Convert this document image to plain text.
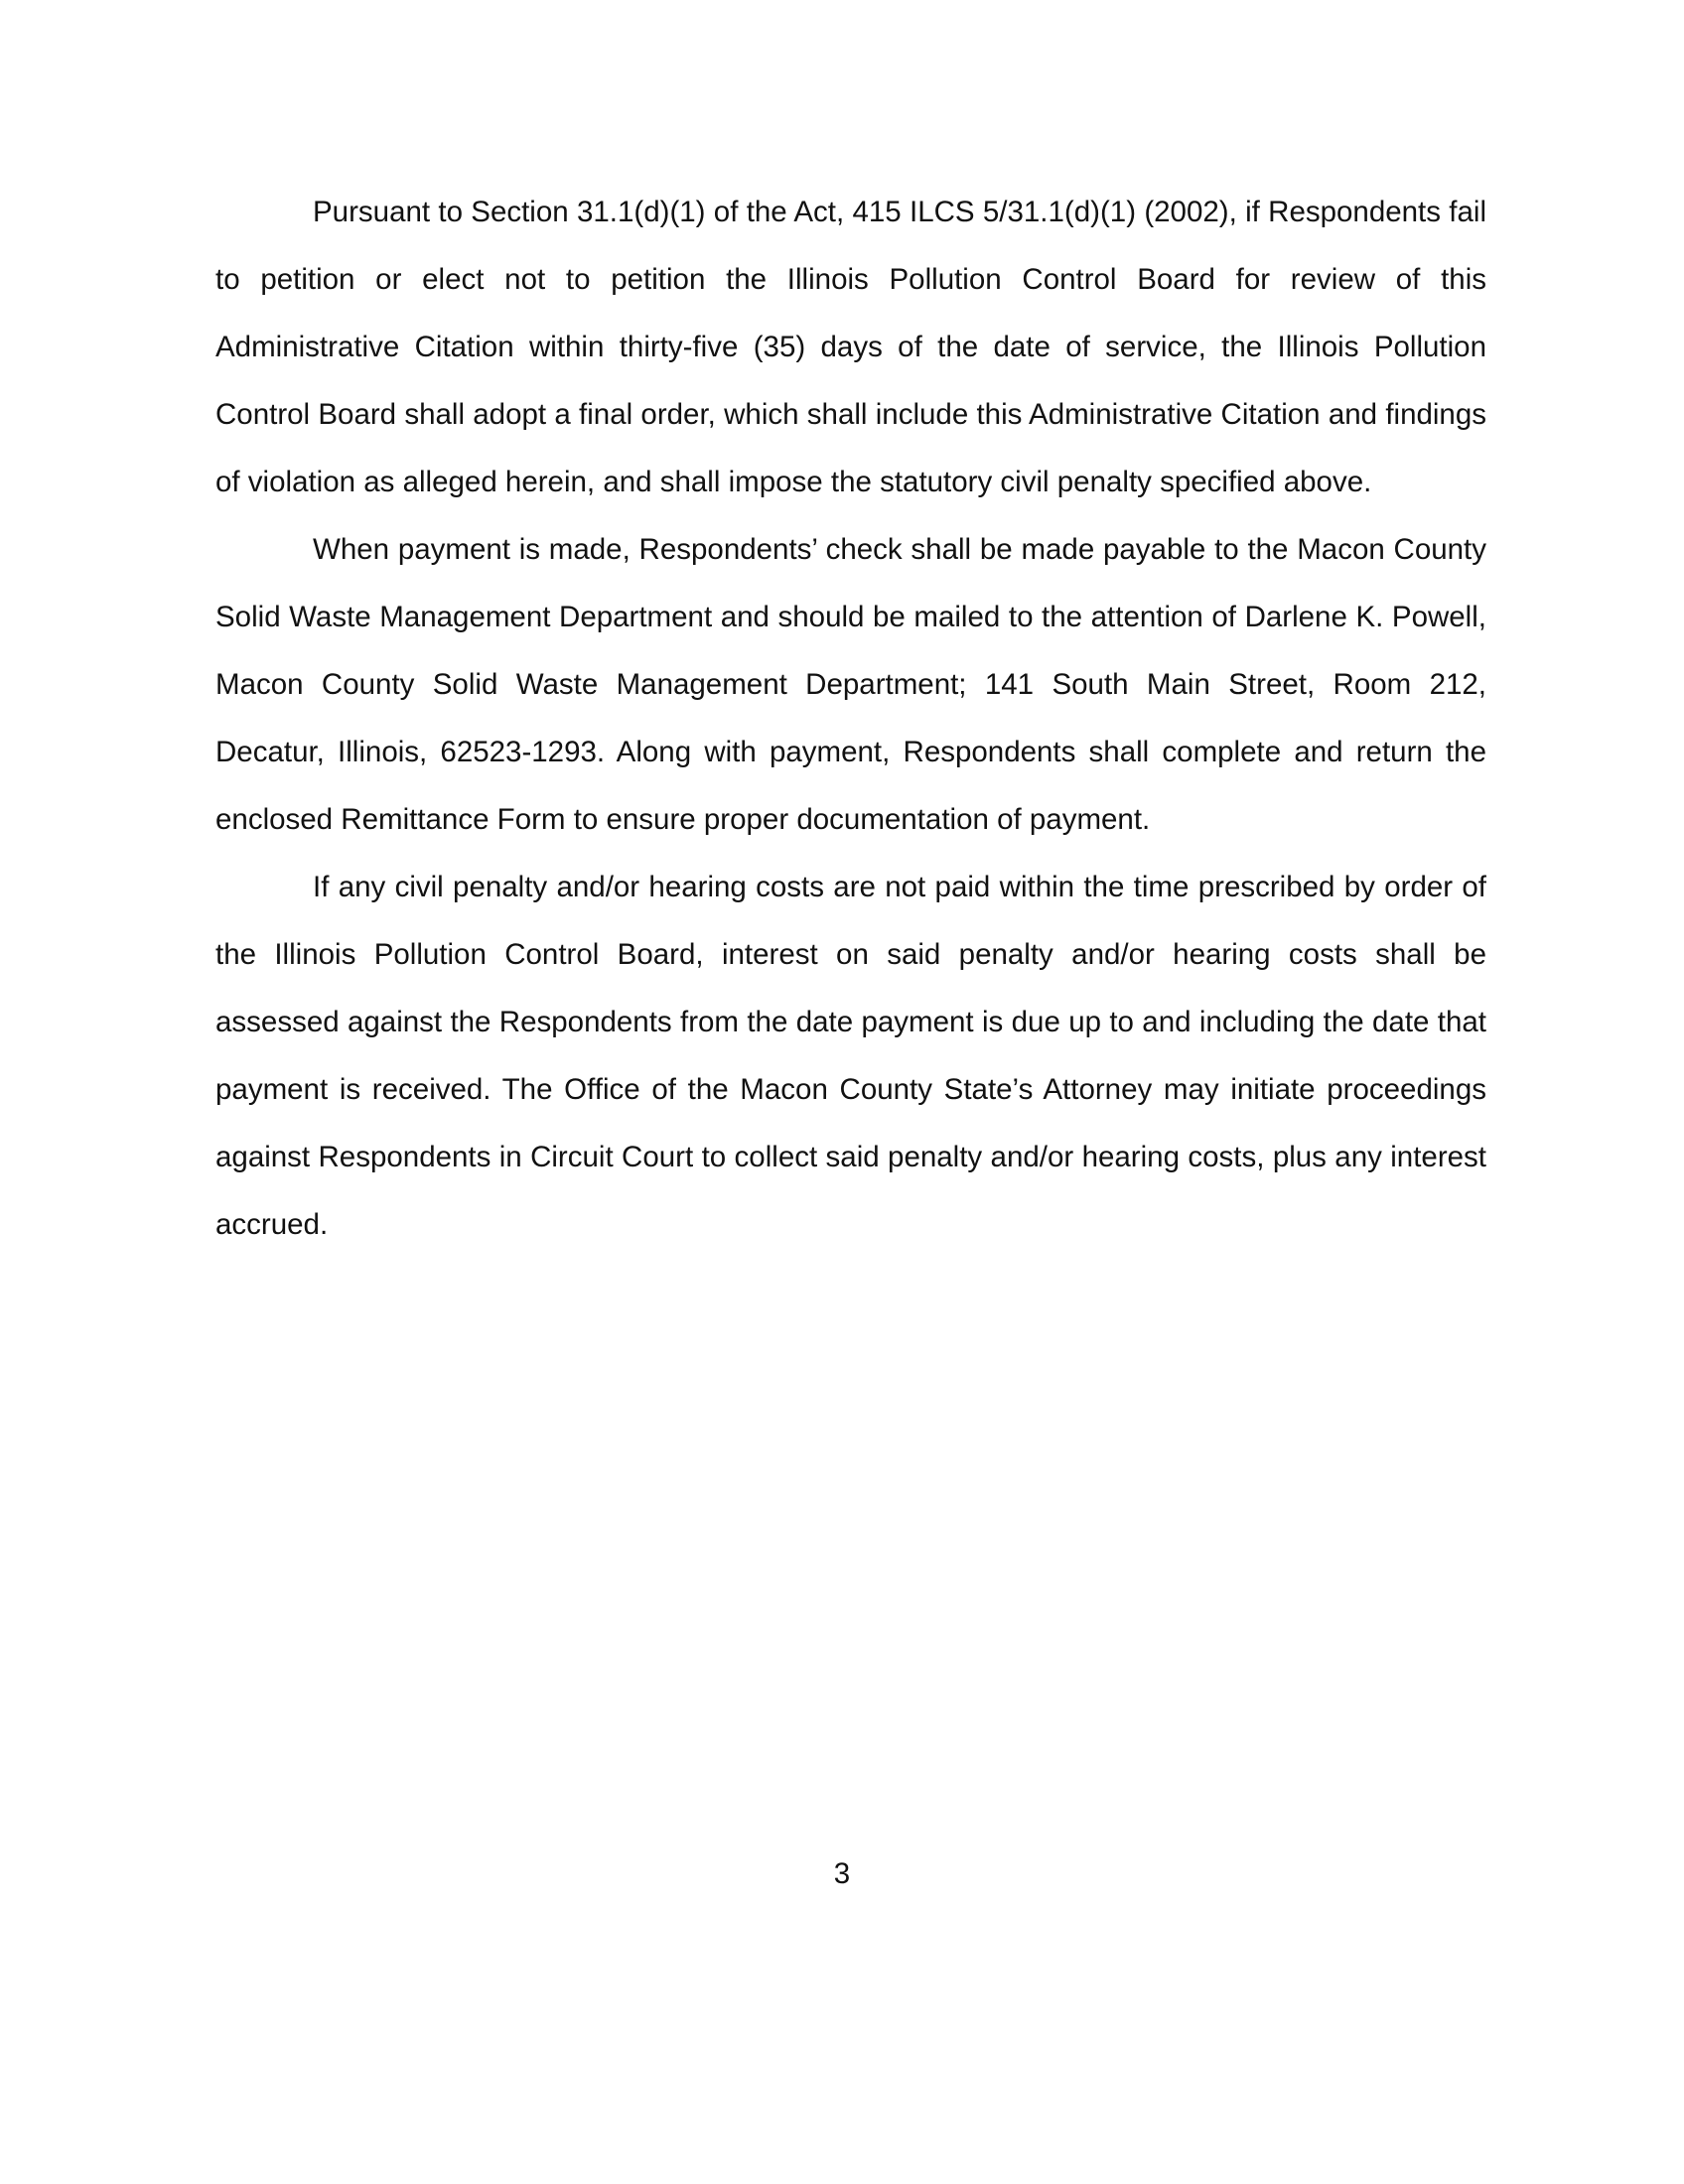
Pursuant to Section 31.1(d)(1) of the Act, 415 ILCS 5/31.1(d)(1) (2002), if Respondents fail to petition or elect not to petition the Illinois Pollution Control Board for review of this Administrative Citation within thirty-five (35) days of the date of service, the Illinois Pollution Control Board shall adopt a final order, which shall include this Administrative Citation and findings of violation as alleged herein, and shall impose the statutory civil penalty specified above.

When payment is made, Respondents’ check shall be made payable to the Macon County Solid Waste Management Department and should be mailed to the attention of Darlene K. Powell, Macon County Solid Waste Management Department; 141 South Main Street, Room 212, Decatur, Illinois, 62523-1293. Along with payment, Respondents shall complete and return the enclosed Remittance Form to ensure proper documentation of payment.

If any civil penalty and/or hearing costs are not paid within the time prescribed by order of the Illinois Pollution Control Board, interest on said penalty and/or hearing costs shall be assessed against the Respondents from the date payment is due up to and including the date that payment is received. The Office of the Macon County State’s Attorney may initiate proceedings against Respondents in Circuit Court to collect said penalty and/or hearing costs, plus any interest accrued.

3
